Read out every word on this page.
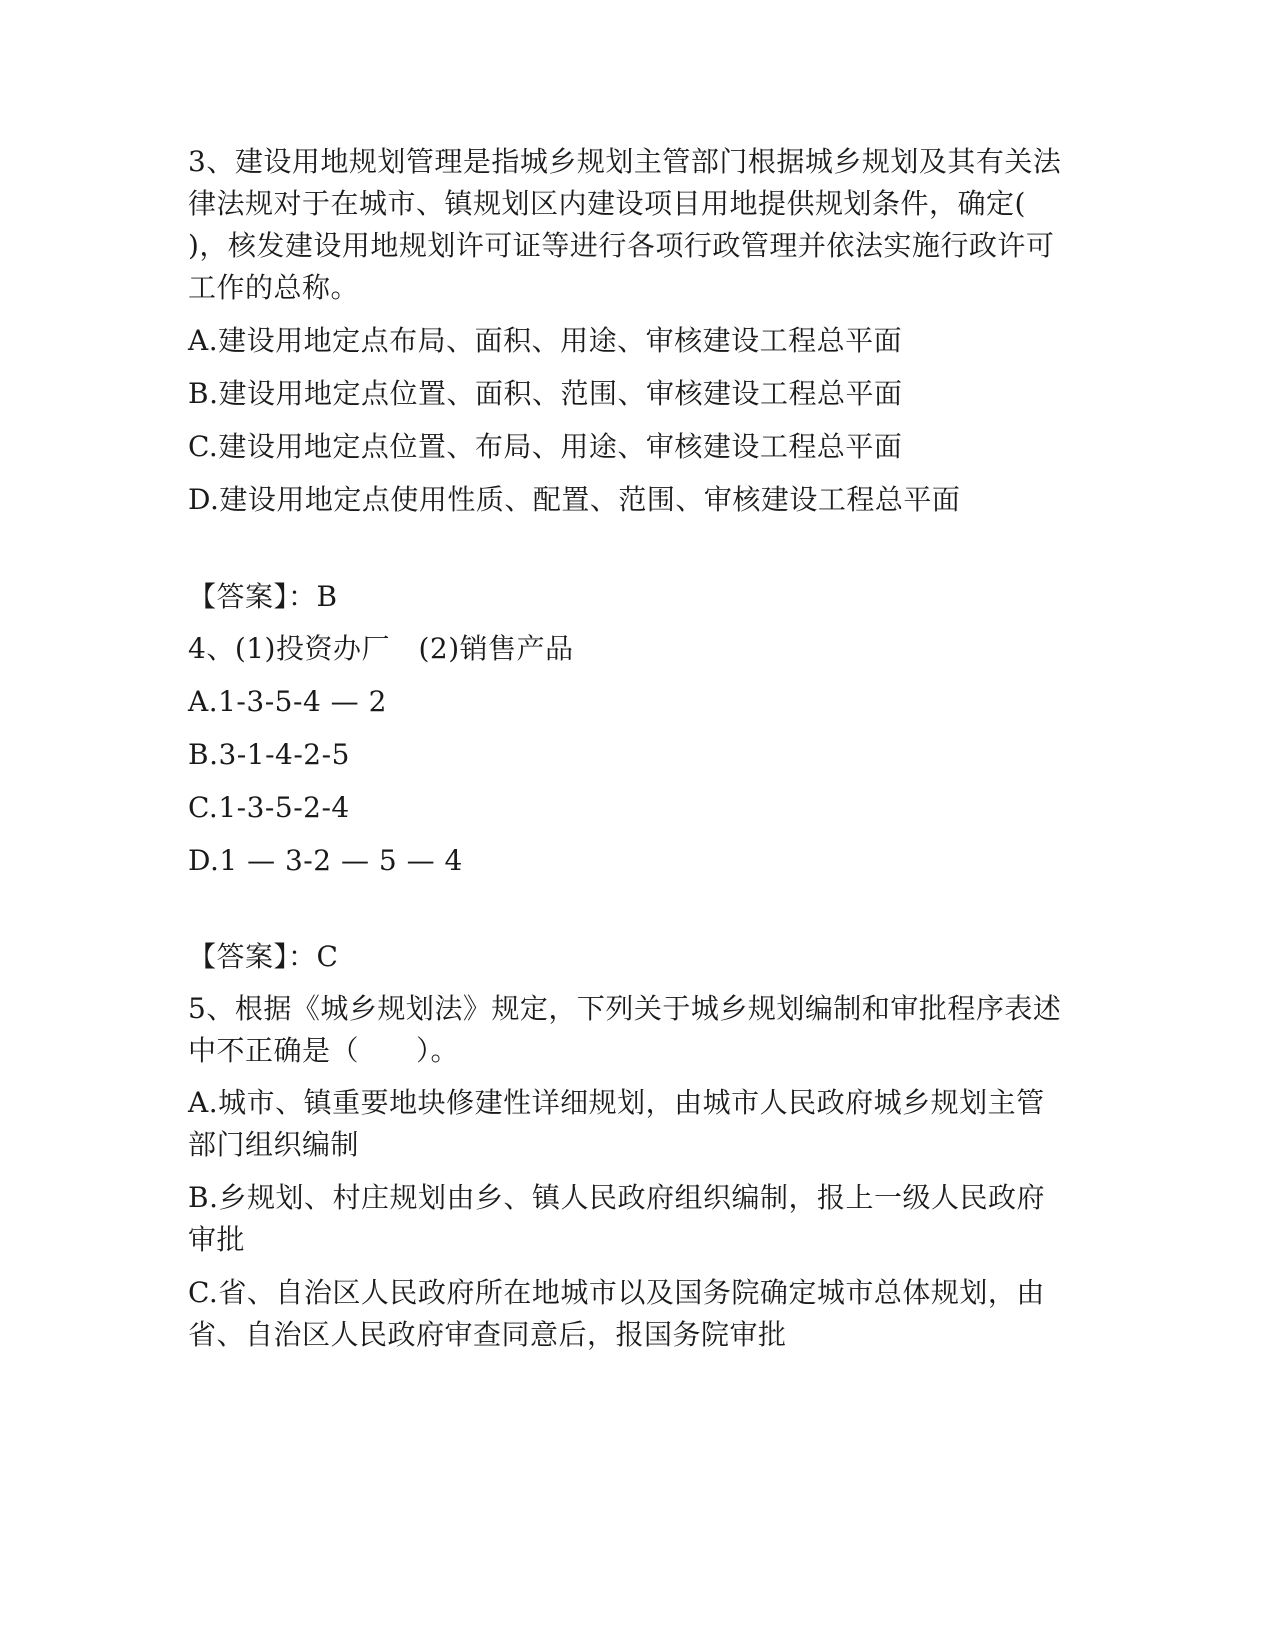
3、建设用地规划管理是指城乡规划主管部门根据城乡规划及其有关法
律法规对于在城市、镇规划区内建设项目用地提供规划条件，确定(
)，核发建设用地规划许可证等进行各项行政管理并依法实施行政许可
工作的总称。
A.建设用地定点布局、面积、用途、审核建设工程总平面
B.建设用地定点位置、面积、范围、审核建设工程总平面
C.建设用地定点位置、布局、用途、审核建设工程总平面
D.建设用地定点使用性质、配置、范围、审核建设工程总平面
【答案】：B
4、(1)投资办厂　(2)销售产品
A.1-3-5-4 — 2
B.3-1-4-2-5
C.1-3-5-2-4
D.1 — 3-2 — 5 — 4
【答案】：C
5、根据《城乡规划法》规定，下列关于城乡规划编制和审批程序表述
中不正确是（　　）。
A.城市、镇重要地块修建性详细规划，由城市人民政府城乡规划主管
部门组织编制
B.乡规划、村庄规划由乡、镇人民政府组织编制，报上一级人民政府
审批
C.省、自治区人民政府所在地城市以及国务院确定城市总体规划，由
省、自治区人民政府审查同意后，报国务院审批
